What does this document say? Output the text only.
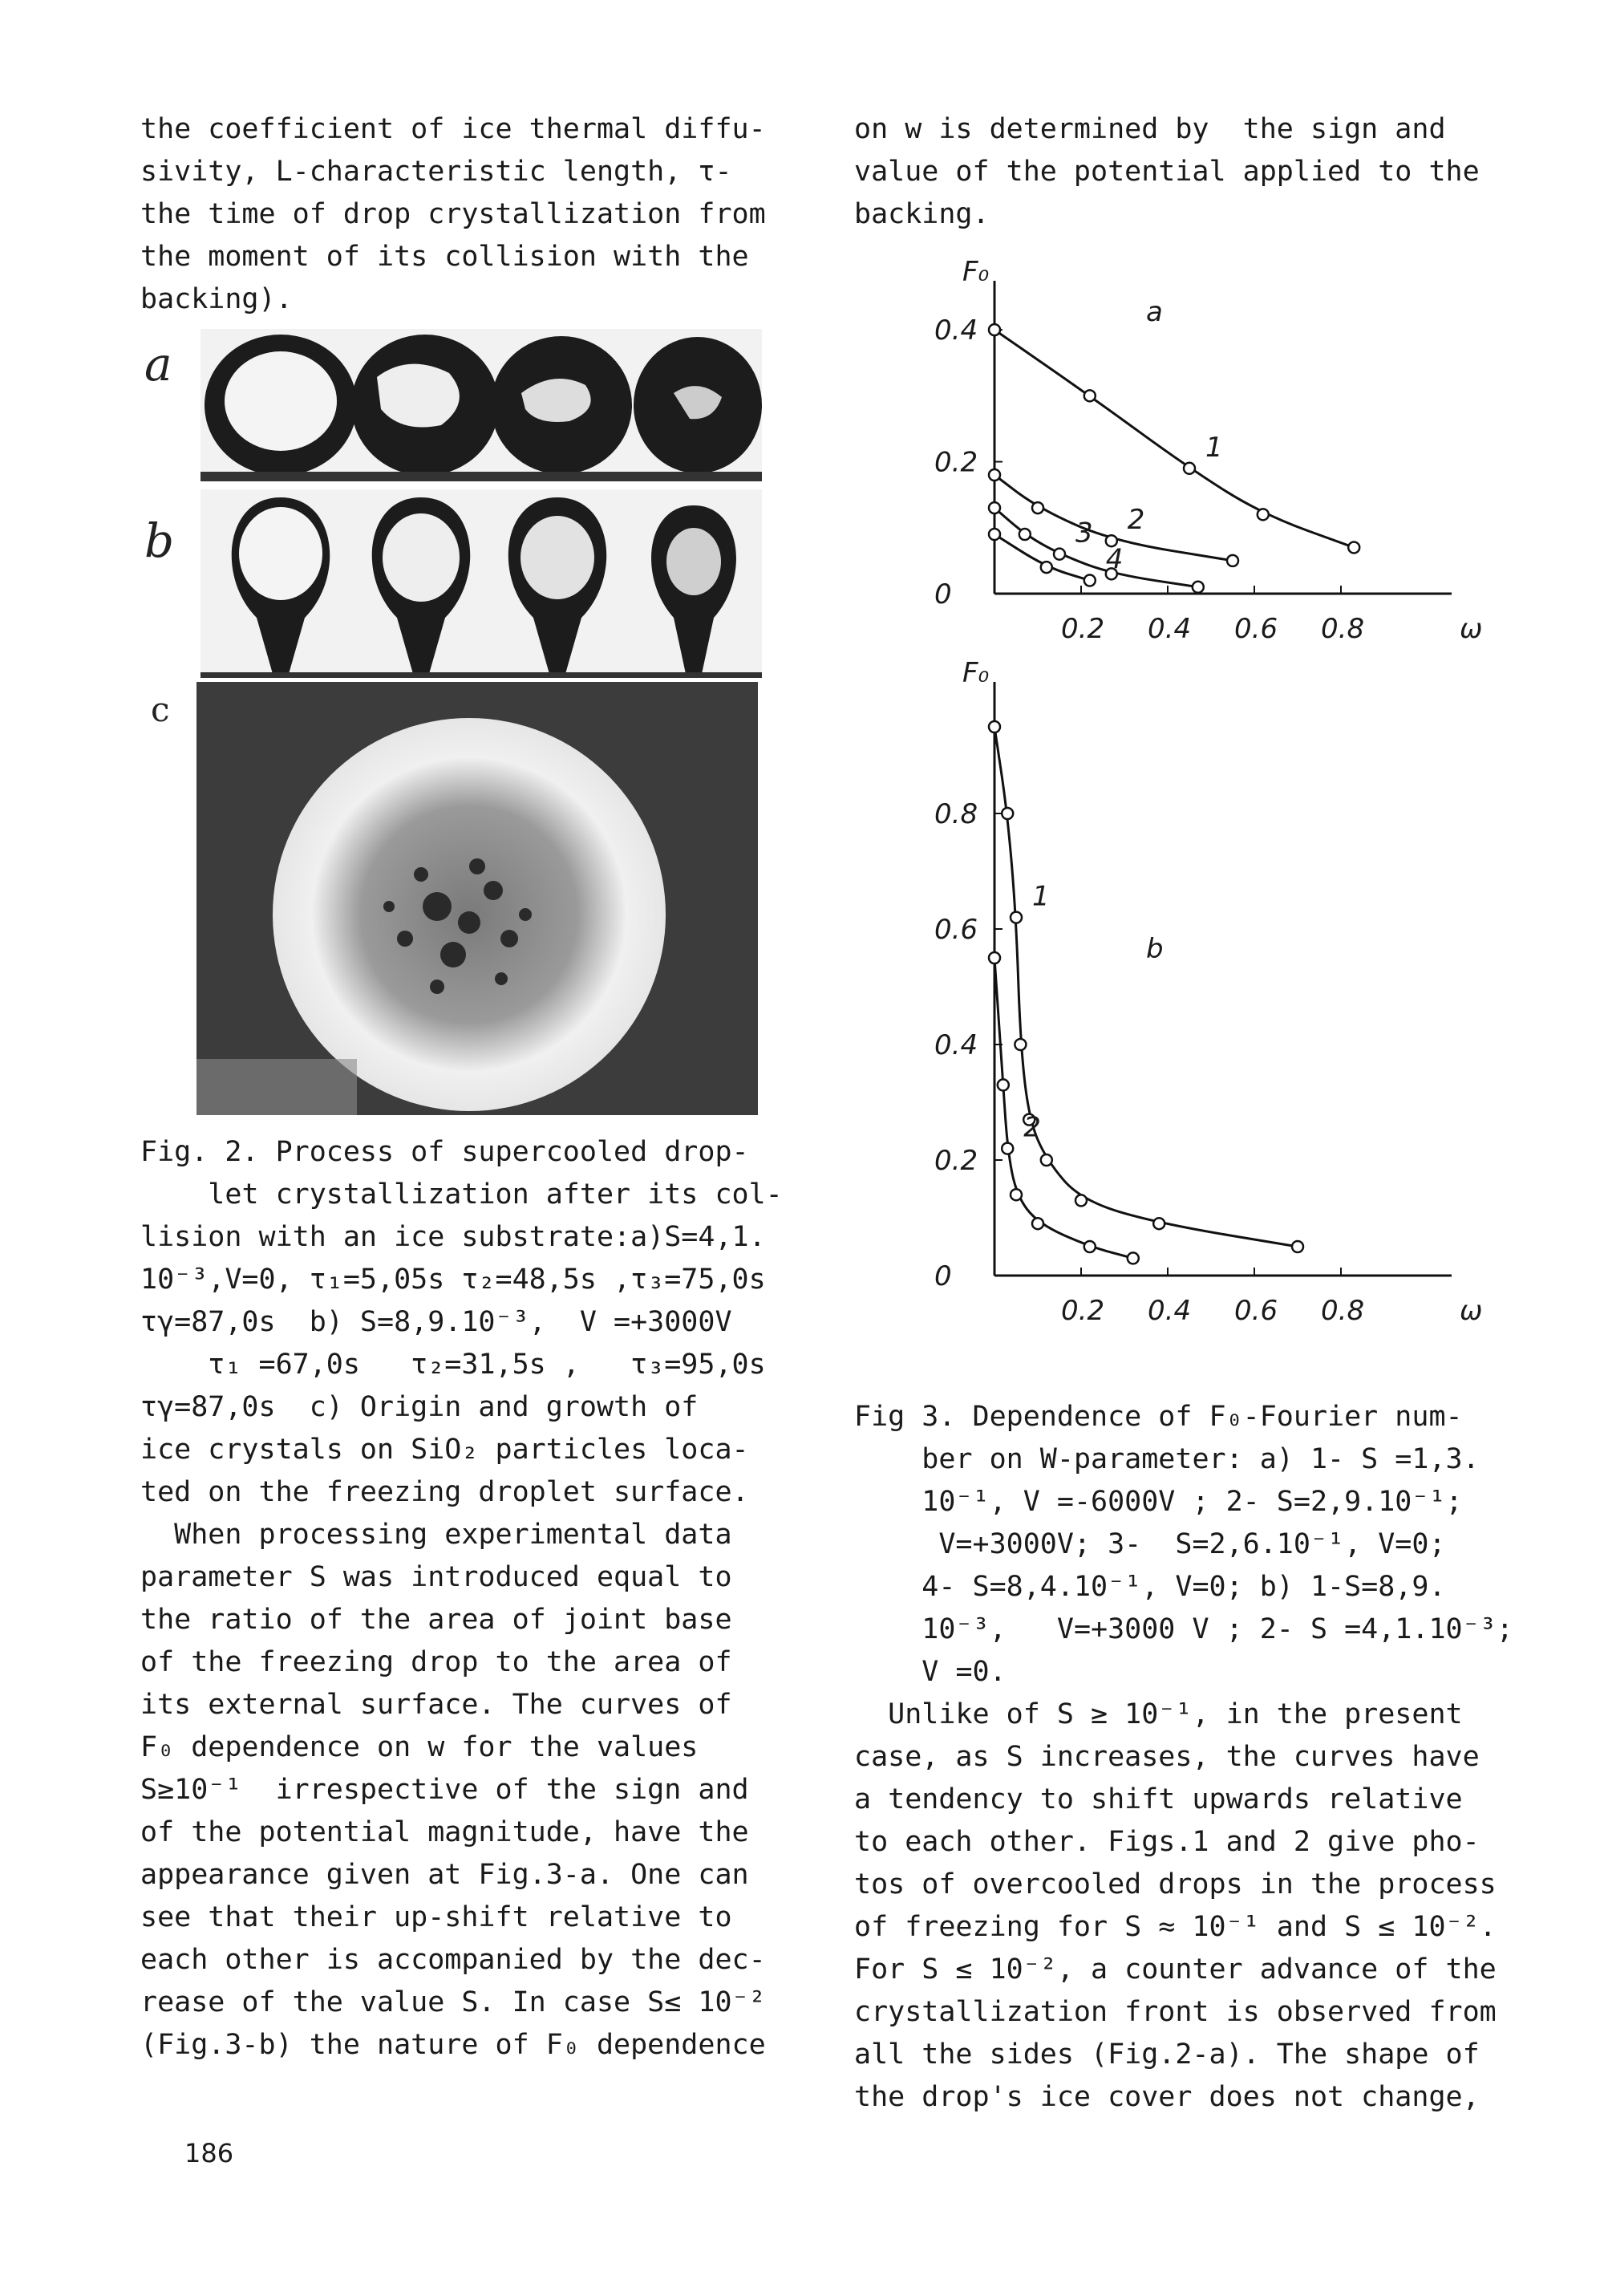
the coefficient of ice thermal diffu-
sivity, L-characteristic length, τ-
the time of drop crystallization from
the moment of its collision with the
backing).

a
b
c

Fig. 2. Process of supercooled drop-
let crystallization after its col-
lision with an ice substrate:a)S=4,1.
10⁻³,V=0, τ₁=5,05s τ₂=48,5s ,τ₃=75,0s
τγ=87,0s  b) S=8,9.10⁻³,  V =+3000V
τ₁ =67,0s   τ₂=31,5s ,   τ₃=95,0s
τγ=87,0s  c) Origin and growth of
ice crystals on SiO₂ particles loca-
ted on the freezing droplet surface.

When processing experimental data
parameter S was introduced equal to
the ratio of the area of joint base
of the freezing drop to the area of
its external surface. The curves of
F₀ dependence on w for the values
S≥10⁻¹  irrespective of the sign and
of the potential magnitude, have the
appearance given at Fig.3-a. One can
see that their up-shift relative to
each other is accompanied by the dec-
rease of the value S. In case S≤ 10⁻²
(Fig.3-b) the nature of F₀ dependence

186

on w is determined by  the sign and
value of the potential applied to the
backing.

F₀
ω
a
0.2 0.4 0.6 0.8
0
0.2
0.4
1
2
3
4
F₀
ω
b
0.2 0.4 0.6 0.8
0
0.2
0.4
0.6
0.8
1
2

Fig 3. Dependence of F₀-Fourier num-
ber on W-parameter: a) 1- S =1,3.
10⁻¹, V =-6000V ; 2- S=2,9.10⁻¹;
V=+3000V; 3-  S=2,6.10⁻¹, V=0;
4- S=8,4.10⁻¹, V=0; b) 1-S=8,9.
10⁻³,   V=+3000 V ; 2- S =4,1.10⁻³;
V =0.

Unlike of S ≥ 10⁻¹, in the present
case, as S increases, the curves have
a tendency to shift upwards relative
to each other. Figs.1 and 2 give pho-
tos of overcooled drops in the process
of freezing for S ≈ 10⁻¹ and S ≤ 10⁻².
For S ≤ 10⁻², a counter advance of the
crystallization front is observed from
all the sides (Fig.2-a). The shape of
the drop's ice cover does not change,
